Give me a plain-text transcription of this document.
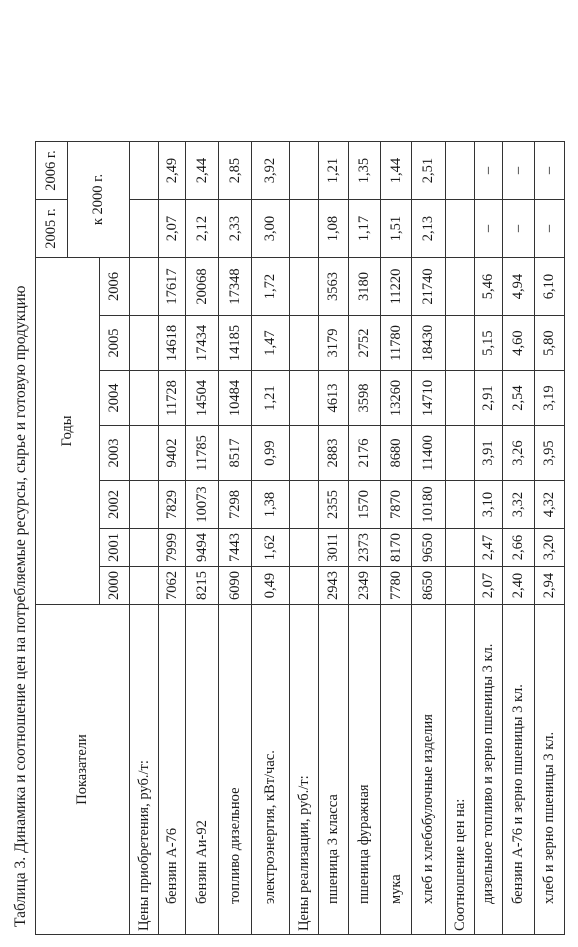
Таблица 3. Динамика и соотношение цен на потребляемые ресурсы, сырье и готовую продукцию	Показатели	Годы							2005 г.	2006 г.
								к 2000 г.	
	2000	2001	2002	2003	2004	2005	2006		
Цены приобретения, руб./т:									
бензин А-76	7062	7999	7829	9402	11728	14618	17617	2,07	2,49
бензин Аи-92	8215	9494	10073	11785	14504	17434	20068	2,12	2,44
топливо дизельное	6090	7443	7298	8517	10484	14185	17348	2,33	2,85
электроэнергия, кВт/час.	0,49	1,62	1,38	0,99	1,21	1,47	1,72	3,00	3,92
Цены реализации, руб./т:									
пшеница 3 класса	2943	3011	2355	2883	4613	3179	3563	1,08	1,21
пшеница фуражная	2349	2373	1570	2176	3598	2752	3180	1,17	1,35
мука	7780	8170	7870	8680	13260	11780	11220	1,51	1,44
хлеб и хлебобулочные изделия	8650	9650	10180	11400	14710	18430	21740	2,13	2,51
Соотношение цен на:									
дизельное топливо и зерно пшеницы 3 кл.	2,07	2,47	3,10	3,91	2,91	5,15	5,46	–	–
бензин А-76 и зерно пшеницы 3 кл.	2,40	2,66	3,32	3,26	2,54	4,60	4,94	–	–
хлеб и зерно пшеницы 3 кл.	2,94	3,20	4,32	3,95	3,19	5,80	6,10	–	–
